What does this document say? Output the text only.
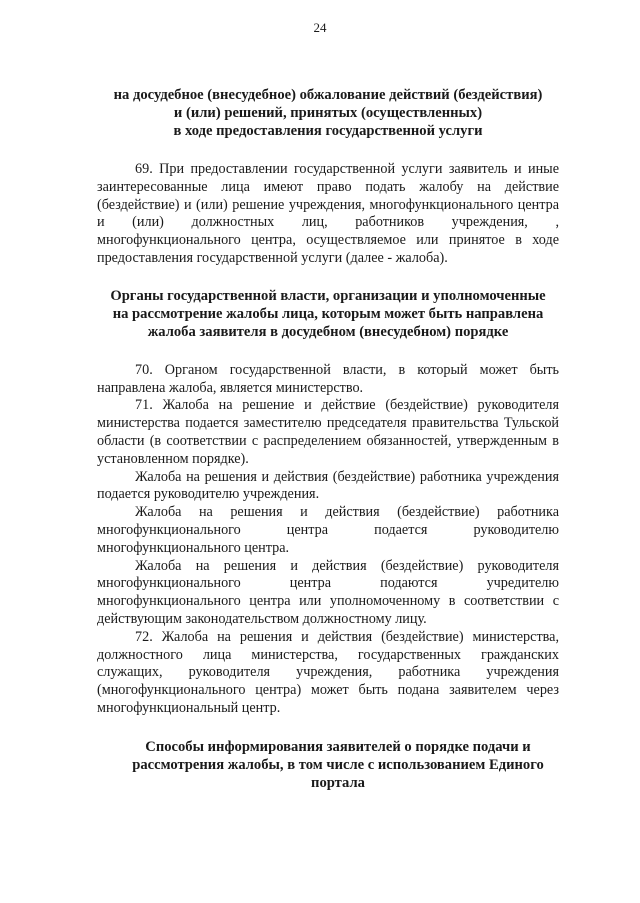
24
на досудебное (внесудебное) обжалование действий (бездействия)
и (или) решений, принятых (осуществленных)
в ходе предоставления государственной услуги

69. При предоставлении государственной услуги заявитель и иные заинтересованные лица имеют право подать жалобу на действие (бездействие) и (или) решение учреждения, многофункционального центра и (или) должностных лиц, работников учреждения, , многофункционального центра, осуществляемое или принятое в ходе предоставления государственной услуги (далее - жалоба).

Органы государственной власти, организации и уполномоченные
на рассмотрение жалобы лица, которым может быть направлена
жалоба заявителя в досудебном (внесудебном) порядке

70. Органом государственной власти, в который может быть направлена жалоба, является министерство.

71. Жалоба на решение и действие (бездействие) руководителя министерства подается заместителю председателя правительства Тульской области (в соответствии с распределением обязанностей, утвержденным в установленном порядке).

Жалоба на решения и действия (бездействие) работника учреждения подается руководителю учреждения.

Жалоба на решения и действия (бездействие) работника многофункционального центра подается руководителю многофункционального центра.

Жалоба на решения и действия (бездействие) руководителя многофункционального центра подаются учредителю многофункционального центра или уполномоченному в соответствии с действующим законодательством должностному лицу.

72. Жалоба на решения и действия (бездействие) министерства, должностного лица министерства, государственных гражданских служащих, руководителя учреждения, работника учреждения (многофункционального центра) может быть подана заявителем через многофункциональный центр.

Способы информирования заявителей о порядке подачи и
рассмотрения жалобы, в том числе с использованием Единого
портала
